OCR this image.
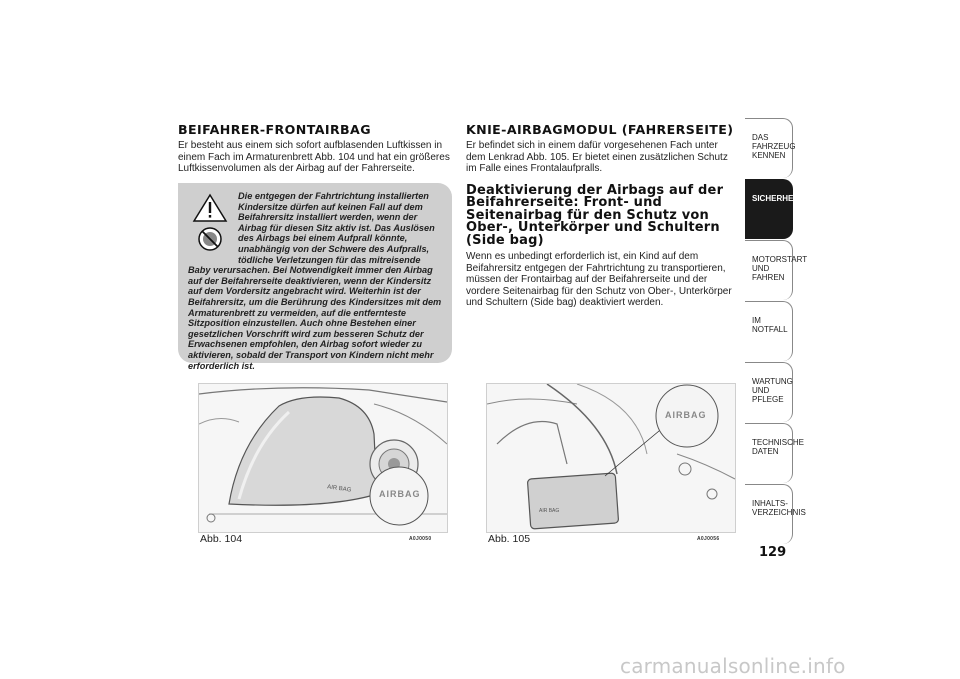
BEIFAHRER-FRONTAIRBAG

Er besteht aus einem sich sofort aufblasenden Luftkissen in einem Fach im Armaturenbrett Abb. 104 und hat ein größeres Luftkissenvolumen als der Airbag auf der Fahrerseite.

Die entgegen der Fahrtrichtung installierten Kindersitze dürfen auf keinen Fall auf dem Beifahrersitz installiert werden, wenn der Airbag für diesen Sitz aktiv ist. Das Auslösen des Airbags bei einem Aufprall könnte, unabhängig von der Schwere des Aufpralls, tödliche Verletzungen für das mitreisende Baby verursachen. Bei Notwendigkeit immer den Airbag auf der Beifahrerseite deaktivieren, wenn der Kindersitz auf dem Vordersitz angebracht wird. Weiterhin ist der Beifahrersitz, um die Berührung des Kindersitzes mit dem Armaturenbrett zu vermeiden, auf die entfernteste Sitzposition einzustellen. Auch ohne Bestehen einer gesetzlichen Vorschrift wird zum besseren Schutz der Erwachsenen empfohlen, den Airbag sofort wieder zu aktivieren, sobald der Transport von Kindern nicht mehr erforderlich ist.

KNIE-AIRBAGMODUL (FAHRERSEITE)

Er befindet sich in einem dafür vorgesehenen Fach unter dem Lenkrad Abb. 105. Er bietet einen zusätzlichen Schutz im Falle eines Frontalaufpralls.

Deaktivierung der Airbags auf der Beifahrerseite: Front- und Seitenairbag für den Schutz von Ober-, Unterkörper und Schultern (Side bag)

Wenn es unbedingt erforderlich ist, ein Kind auf dem Beifahrersitz entgegen der Fahrtrichtung zu transportieren, müssen der Frontairbag auf der Beifahrerseite und der vordere Seitenairbag für den Schutz von Ober-, Unterkörper und Schultern (Side bag) deaktiviert werden.

AIR BAG	AIRBAG
Abb. 104	A0J0050
AIRBAG
AIR BAG
Abb. 105	A0J0056
DAS FAHRZEUG KENNEN
SICHERHEIT
MOTORSTART UND FAHREN
IM NOTFALL
WARTUNG UND PFLEGE
TECHNISCHE DATEN
INHALTS-VERZEICHNIS
129
carmanualsonline.info
